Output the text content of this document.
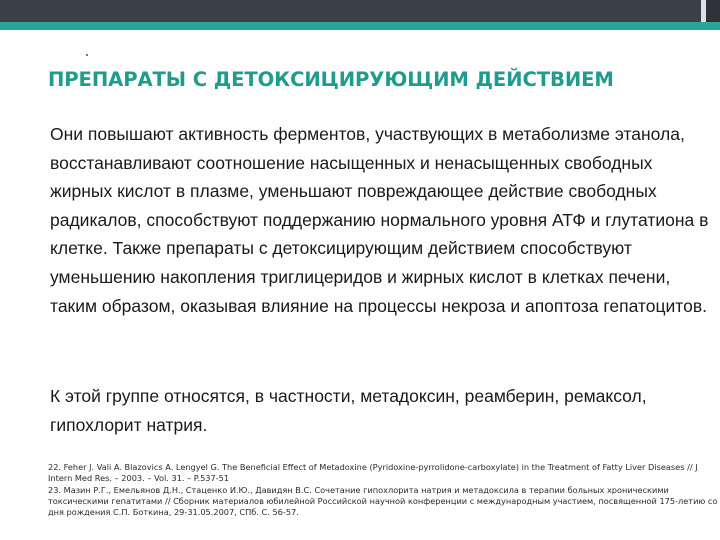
ПРЕПАРАТЫ С ДЕТОКСИЦИРУЮЩИМ ДЕЙСТВИЕМ

Они повышают активность ферментов, участвующих в метаболизме этанола, восстанавливают соотношение насыщенных и ненасыщенных свободных жирных кислот в плазме, уменьшают повреждающее действие свободных радикалов, способствуют поддержанию нормального уровня АТФ и глутатиона в клетке. Также препараты с детоксицирующим действием способствуют уменьшению накопления триглицеридов и жирных кислот в клетках печени, таким образом, оказывая влияние на процессы некроза и апоптоза гепатоцитов.

К этой группе относятся, в частности, метадоксин, реамберин, ремаксол, гипохлорит натрия.

22. Feher J. Vali A. Blazovics A. Lengyel G. The Beneficial Effect of Metadoxine (Pyridoxine-pyrrolidone-carboxylate) in the Treatment of Fatty Liver Diseases // J Intern Med Res. – 2003. – Vol. 31. – P.537-51
23. Мазин Р.Г., Емельянов Д.Н., Стаценко И.Ю., Давидян В.С. Сочетание гипохлорита натрия и метадоксила в терапии больных хроническими токсическими гепатитами // Сборник материалов юбилейной Российской научной конференции с международным участием, посвященной 175-летию со дня рождения С.П. Боткина, 29-31.05.2007, СПб. С. 56-57.
